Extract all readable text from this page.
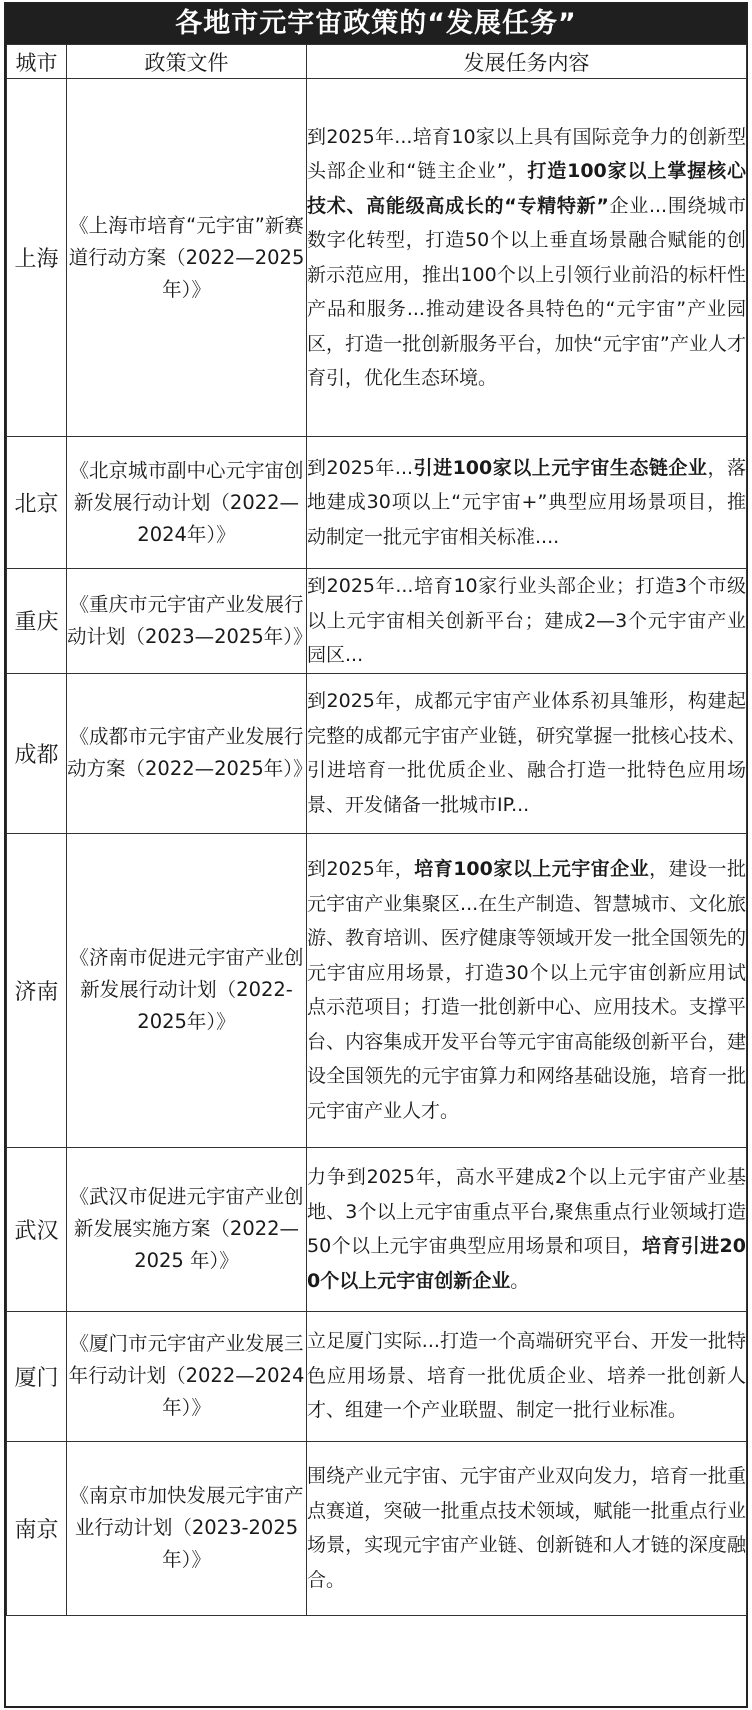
各地市元宇宙政策的“发展任务”
城市	政策文件	发展任务内容
上海	《上海市培育“元宇宙”新赛道行动方案（2022—2025年）》	到2025年...培育10家以上具有国际竞争力的创新型头部企业和“链主企业”，打造100家以上掌握核心技术、高能级高成长的“专精特新”企业...围绕城市数字化转型，打造50个以上垂直场景融合赋能的创新示范应用，推出100个以上引领行业前沿的标杆性产品和服务...推动建设各具特色的“元宇宙”产业园区，打造一批创新服务平台，加快“元宇宙”产业人才育引，优化生态环境。
北京	《北京城市副中心元宇宙创新发展行动计划（2022—2024年）》	到2025年...引进100家以上元宇宙生态链企业，落地建成30项以上“元宇宙+”典型应用场景项目，推动制定一批元宇宙相关标准....
重庆	《重庆市元宇宙产业发展行动计划（2023—2025年）》	到2025年...培育10家行业头部企业；打造3个市级以上元宇宙相关创新平台；建成2—3个元宇宙产业园区...
成都	《成都市元宇宙产业发展行动方案（2022—2025年）》	到2025年，成都元宇宙产业体系初具雏形，构建起完整的成都元宇宙产业链，研究掌握一批核心技术、引进培育一批优质企业、融合打造一批特色应用场景、开发储备一批城市IP...
济南	《济南市促进元宇宙产业创新发展行动计划（2022-2025年）》	到2025年，培育100家以上元宇宙企业，建设一批元宇宙产业集聚区...在生产制造、智慧城市、文化旅游、教育培训、医疗健康等领域开发一批全国领先的元宇宙应用场景，打造30个以上元宇宙创新应用试点示范项目；打造一批创新中心、应用技术。支撑平台、内容集成开发平台等元宇宙高能级创新平台，建设全国领先的元宇宙算力和网络基础设施，培育一批元宇宙产业人才。
武汉	《武汉市促进元宇宙产业创新发展实施方案（2022—2025 年）》	力争到2025年，高水平建成2个以上元宇宙产业基地、3个以上元宇宙重点平台,聚焦重点行业领域打造50个以上元宇宙典型应用场景和项目，培育引进200个以上元宇宙创新企业。
厦门	《厦门市元宇宙产业发展三年行动计划（2022—2024年）》	立足厦门实际...打造一个高端研究平台、开发一批特色应用场景、培育一批优质企业、培养一批创新人才、组建一个产业联盟、制定一批行业标准。
南京	《南京市加快发展元宇宙产业行动计划（2023-2025年）》	围绕产业元宇宙、元宇宙产业双向发力，培育一批重点赛道，突破一批重点技术领域，赋能一批重点行业场景，实现元宇宙产业链、创新链和人才链的深度融合。
